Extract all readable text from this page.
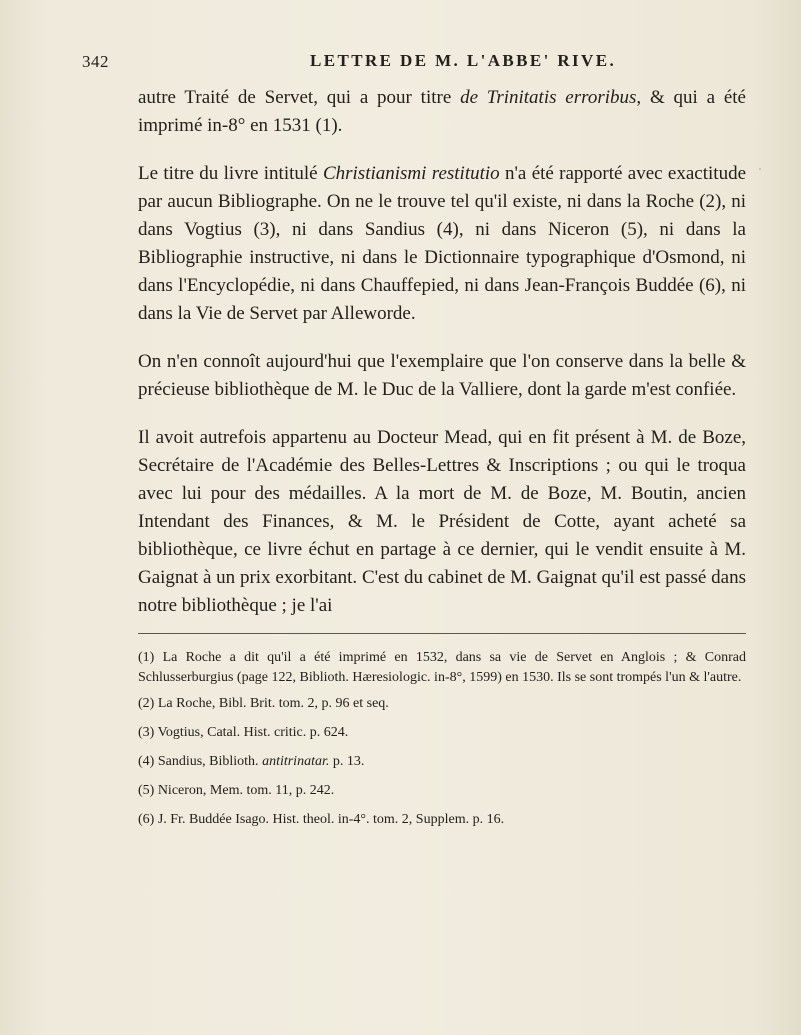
342	LETTRE DE M. L'ABBE' RIVE.

autre Traité de Servet, qui a pour titre de Trinitatis erroribus, & qui a été imprimé in-8° en 1531 (1).

Le titre du livre intitulé Christianismi restitutio n'a été rapporté avec exactitude par aucun Bibliographe. On ne le trouve tel qu'il existe, ni dans la Roche (2), ni dans Vogtius (3), ni dans Sandius (4), ni dans Niceron (5), ni dans la Bibliographie instructive, ni dans le Dictionnaire typographique d'Osmond, ni dans l'Encyclopédie, ni dans Chauffepied, ni dans Jean-François Buddée (6), ni dans la Vie de Servet par Alleworde.

On n'en connoît aujourd'hui que l'exemplaire que l'on conserve dans la belle & précieuse bibliothèque de M. le Duc de la Valliere, dont la garde m'est confiée.

Il avoit autrefois appartenu au Docteur Mead, qui en fit présent à M. de Boze, Secrétaire de l'Académie des Belles-Lettres & Inscriptions ; ou qui le troqua avec lui pour des médailles. A la mort de M. de Boze, M. Boutin, ancien Intendant des Finances, & M. le Président de Cotte, ayant acheté sa bibliothèque, ce livre échut en partage à ce dernier, qui le vendit ensuite à M. Gaignat à un prix exorbitant. C'est du cabinet de M. Gaignat qu'il est passé dans notre bibliothèque ; je l'ai

(1) La Roche a dit qu'il a été imprimé en 1532, dans sa vie de Servet en Anglois ; & Conrad Schlusserburgius (page 122, Biblioth. Hæresiologic. in-8°, 1599) en 1530. Ils se sont trompés l'un & l'autre.

(2) La Roche, Bibl. Brit. tom. 2, p. 96 et seq.

(3) Vogtius, Catal. Hist. critic. p. 624.

(4) Sandius, Biblioth. antitrinatar. p. 13.

(5) Niceron, Mem. tom. 11, p. 242.

(6) J. Fr. Buddée Isago. Hist. theol. in-4°. tom. 2, Supplem. p. 16.
